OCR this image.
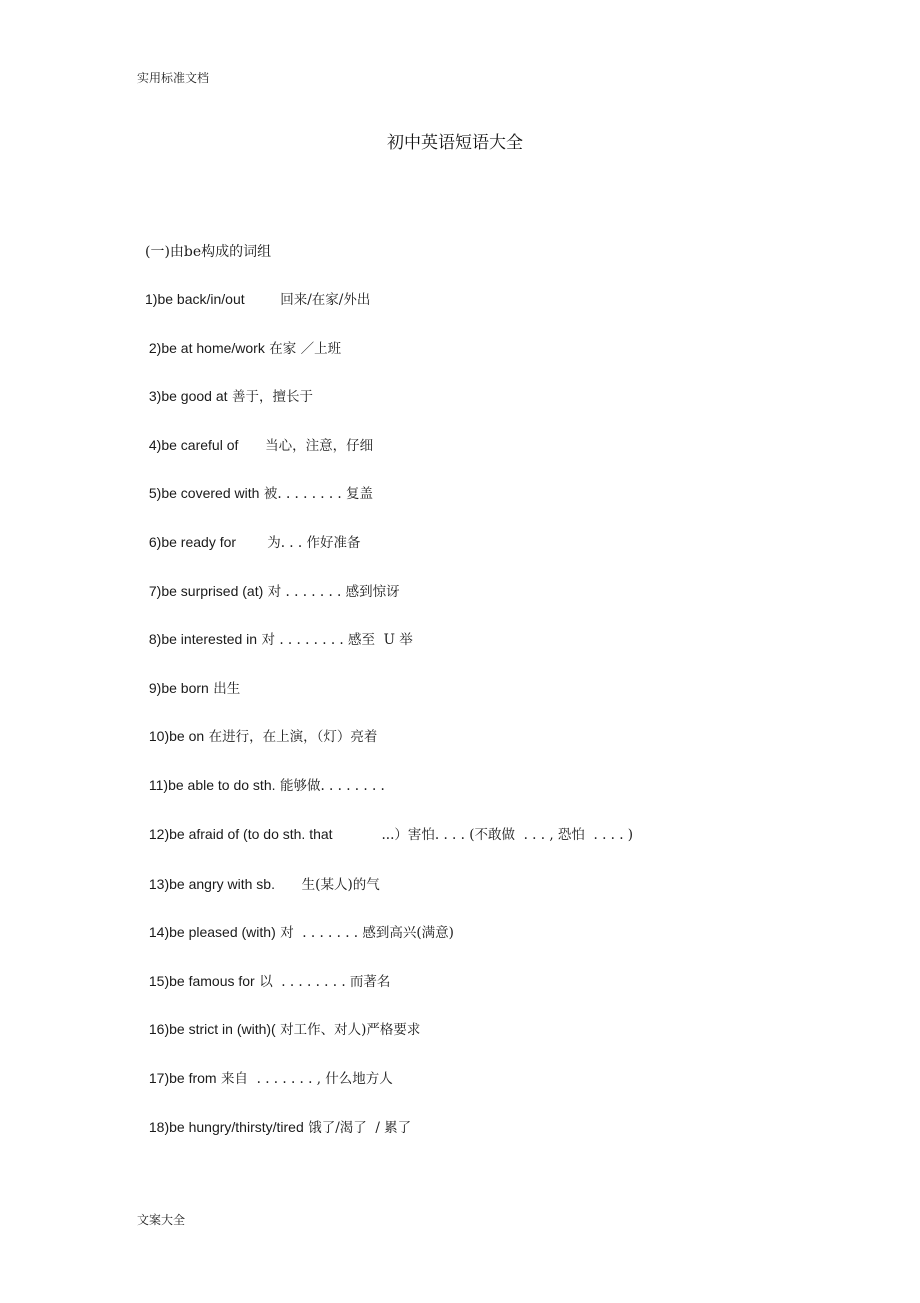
实用标准文档
初中英语短语大全
(一)由be构成的词组
1)be back/in/out	回来/在家/外出
2)be at home/work 在家 ／上班
3)be good at 善于，擅长于
4)be careful of 当心，注意，仔细
5)be covered with 被. . . . . . . . 复盖
6)be ready for 为. . . 作好准备
7)be surprised (at) 对 . . . . . . . 感到惊讶
8)be interested in 对 . . . . . . . . 感至  U 举
9)be born 出生
10)be on 在进行，在上演，（灯）亮着
11)be able to do sth. 能够做. . . . . . . .
12)be afraid of (to do sth. that	...）害怕. . . . (不敢做  . . . , 恐怕  . . . . )
13)be angry with sb. 生(某人)的气
14)be pleased (with) 对  . . . . . . . 感到高兴(满意)
15)be famous for 以  . . . . . . . . 而著名
16)be strict in (with)( 对工作、对人)严格要求
17)be from 来自  . . . . . . . , 什么地方人
18)be hungry/thirsty/tired 饿了/渴了  / 累了
文案大全
